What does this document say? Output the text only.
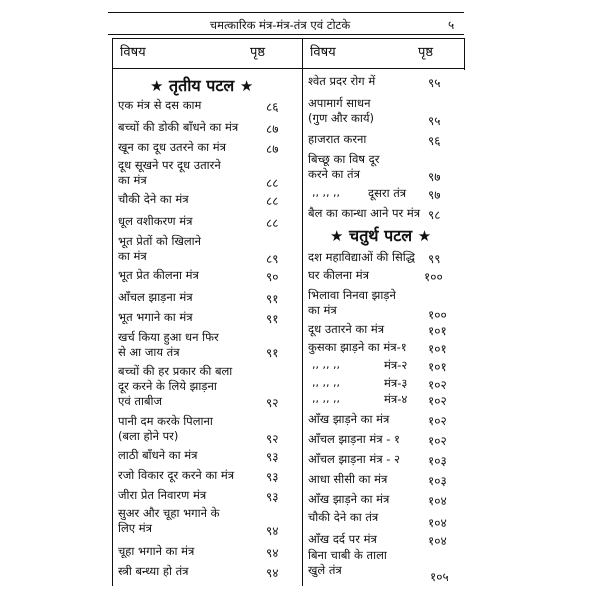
चमत्कारिक मंत्र-मंत्र-तंत्र एवं टोटके	५
विषय	पृष्ठ	विषय	पृष्ठ
★ तृतीय पटल ★
★ चतुर्थ पटल ★
एक मंत्र से दस काम	८६
बच्चों की डोकी बाँधने का मंत्र ८७
खून का दूध उतरने का मंत्र	८७
दूध सूखने पर दूध उतारने
का मंत्र	८८
चौकी देने का मंत्र	८८
धूल वशीकरण मंत्र	८८
भूत प्रेतों को खिलाने
का मंत्र	८९
भूत प्रेत कीलना मंत्र	९०
आँचल झाड़ना मंत्र	९१
भूत भगाने का मंत्र	९१
खर्च किया हुआ धन फिर
से आ जाय तंत्र	९१
बच्चों की हर प्रकार की बला
दूर करने के लिये झाड़ना
एवं ताबीज	९२
पानी दम करके पिलाना
(बला होने पर)	९२
लाठी बाँधने का मंत्र	९३
रजो विकार दूर करने का मंत्र	९३
जीरा प्रेत निवारण मंत्र	९३
सुअर और चूहा भगाने के
लिए मंत्र	९४
चूहा भगाने का मंत्र	९४
स्त्री बन्ध्या हो तंत्र	९४
श्वेत प्रदर रोग में	९५
अपामार्ग साधन
(गुण और कार्य)	९५
हाजरात करना	९६
बिच्छू का विष दूर
करने का तंत्र	९७
,, ,, ,, दूसरा तंत्र ९७
बैल का कान्धा आने पर मंत्र ९८
दश महाविद्याओं की सिद्धि ९९
घर कीलना मंत्र	१००
भिलावा निनवा झाड़ने
का मंत्र	१००
दूध उतारने का मंत्र	१०१
कुसका झाड़ने का मंत्र-१ १०१
,, ,, ,,	मंत्र-२ १०१
,, ,, ,,	मंत्र-३ १०२
,, ,, ,,	मंत्र-४ १०२
आँख झाड़ने का मंत्र	१०२
आँचल झाड़ना मंत्र - १ १०२
आँचल झाड़ना मंत्र - २ १०३
आधा सीसी का मंत्र	१०३
आँख झाड़ने का मंत्र	१०४
चौकी देने का तंत्र	१०४
आँख दर्द पर मंत्र	१०४
बिना चाबी के ताला
खुले तंत्र	१०५
